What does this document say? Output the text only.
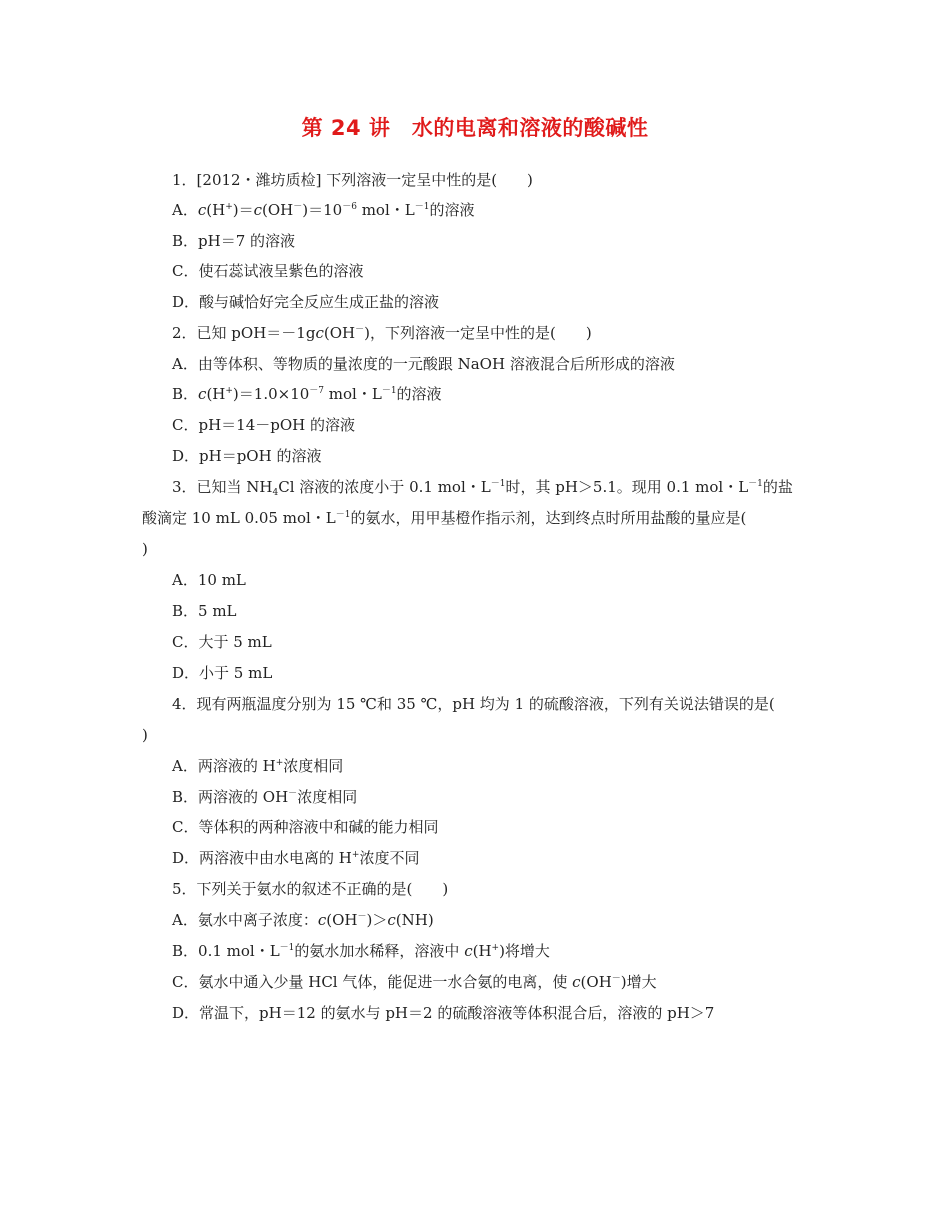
第 24 讲　水的电离和溶液的酸碱性
1．[2012・潍坊质检] 下列溶液一定呈中性的是(　　)
A．$c(H^+)=c(OH^-)=10^{-6}$ mol・$L^{-1}$的溶液
B．pH＝7 的溶液
C．使石蕊试液呈紫色的溶液
D．酸与碱恰好完全反应生成正盐的溶液
2．已知 pOH＝－1gc(OH－)，下列溶液一定呈中性的是(　　)
A．由等体积、等物质的量浓度的一元酸跟 NaOH 溶液混合后所形成的溶液
B．$c(H^+)=1.0\times 10^{-7}$ mol・$L^{-1}$的溶液
C．pH＝14－pOH 的溶液
D．pH＝pOH 的溶液
3．已知当 $NH_4Cl$ 溶液的浓度小于 0.1 mol・$L^{-1}$时，其 pH＞5.1。现用 0.1 mol・$L^{-1}$的盐
酸滴定 10 mL 0.05 mol・$L^{-1}$的氨水，用甲基橙作指示剂，达到终点时所用盐酸的量应是(
)
A．10 mL
B．5 mL
C．大于 5 mL
D．小于 5 mL
4．现有两瓶温度分别为 15 ℃和 35 ℃，pH 均为 1 的硫酸溶液，下列有关说法错误的是(
)
A．两溶液的 H+浓度相同
B．两溶液的 OH－浓度相同
C．等体积的两种溶液中和碱的能力相同
D．两溶液中由水电离的 H+浓度不同
5．下列关于氨水的叙述不正确的是(　　)
A．氨水中离子浓度：c(OH－)＞c(NH)
B．0.1 mol・$L^{-1}$的氨水加水稀释，溶液中 c(H+)将增大
C．氨水中通入少量 HCl 气体，能促进一水合氨的电离，使 c(OH－)增大
D．常温下，pH＝12 的氨水与 pH＝2 的硫酸溶液等体积混合后，溶液的 pH＞7
